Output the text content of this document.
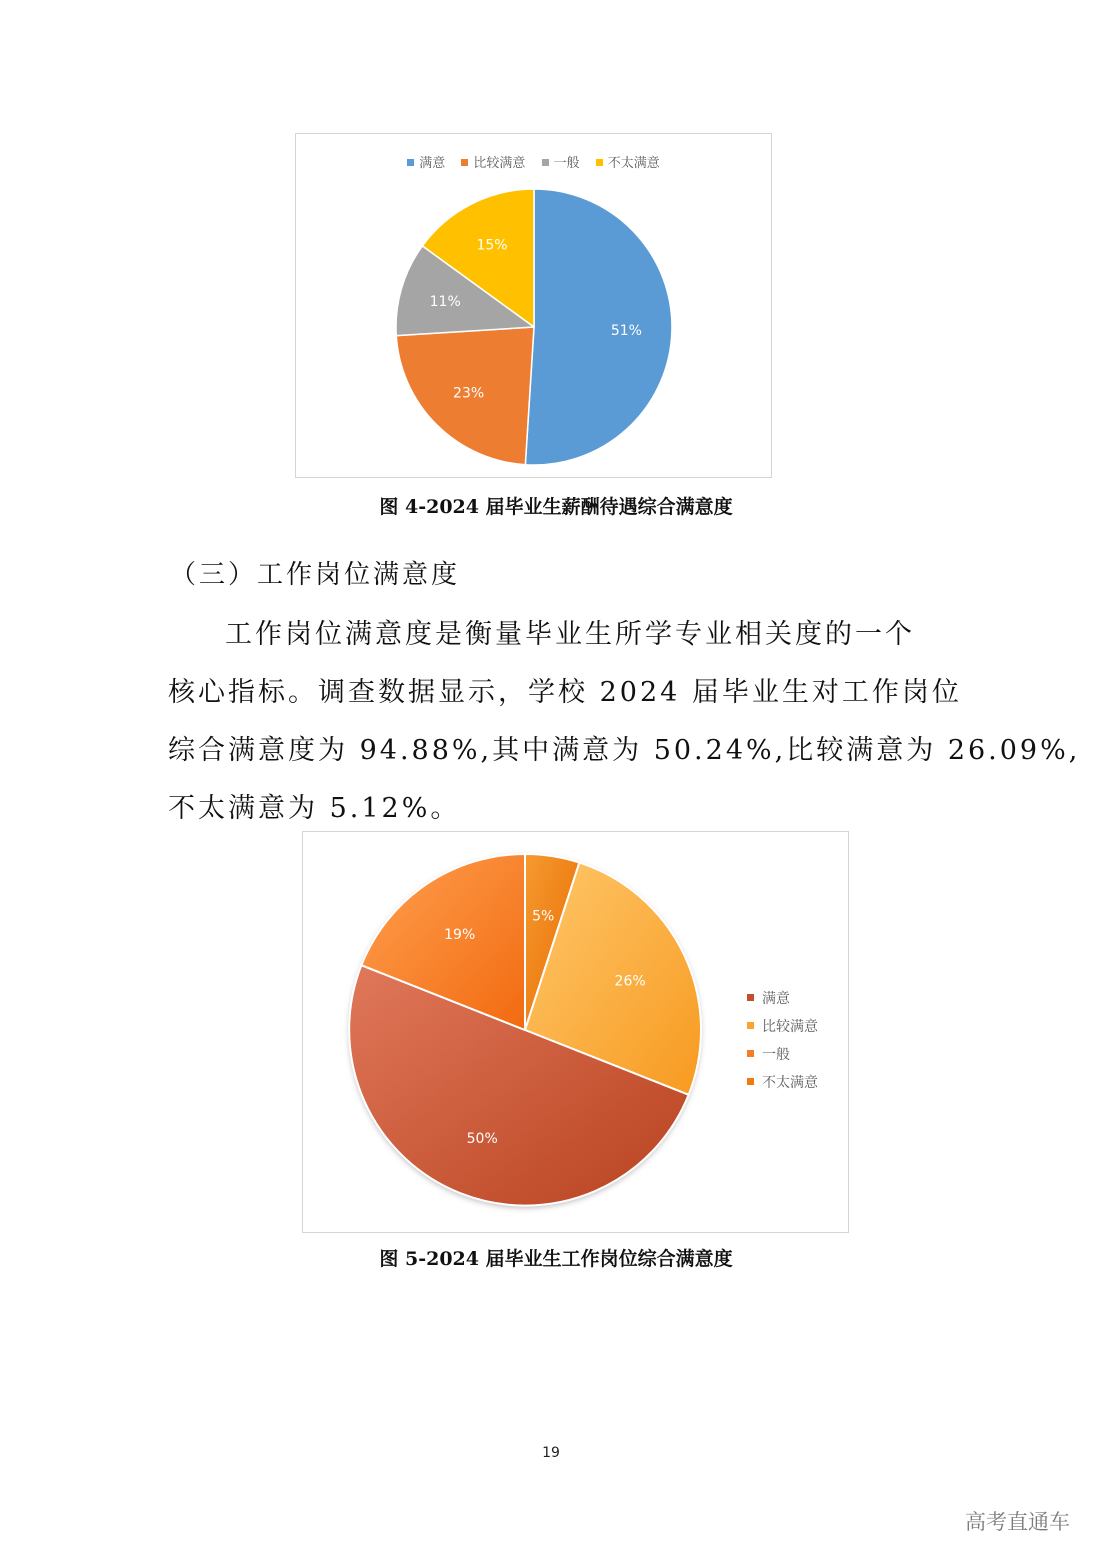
满意 比较满意 一般 不太满意
51%
23%
11%
15%
图 4-2024 届毕业生薪酬待遇综合满意度
（三）工作岗位满意度
工作岗位满意度是衡量毕业生所学专业相关度的一个
核心指标。调查数据显示，学校 2024 届毕业生对工作岗位
综合满意度为 94.88%,其中满意为 50.24%,比较满意为 26.09%,
不太满意为 5.12%。
5%
26%
50%
19%
满意
比较满意
一般
不太满意
图 5-2024 届毕业生工作岗位综合满意度
19
高考直通车
